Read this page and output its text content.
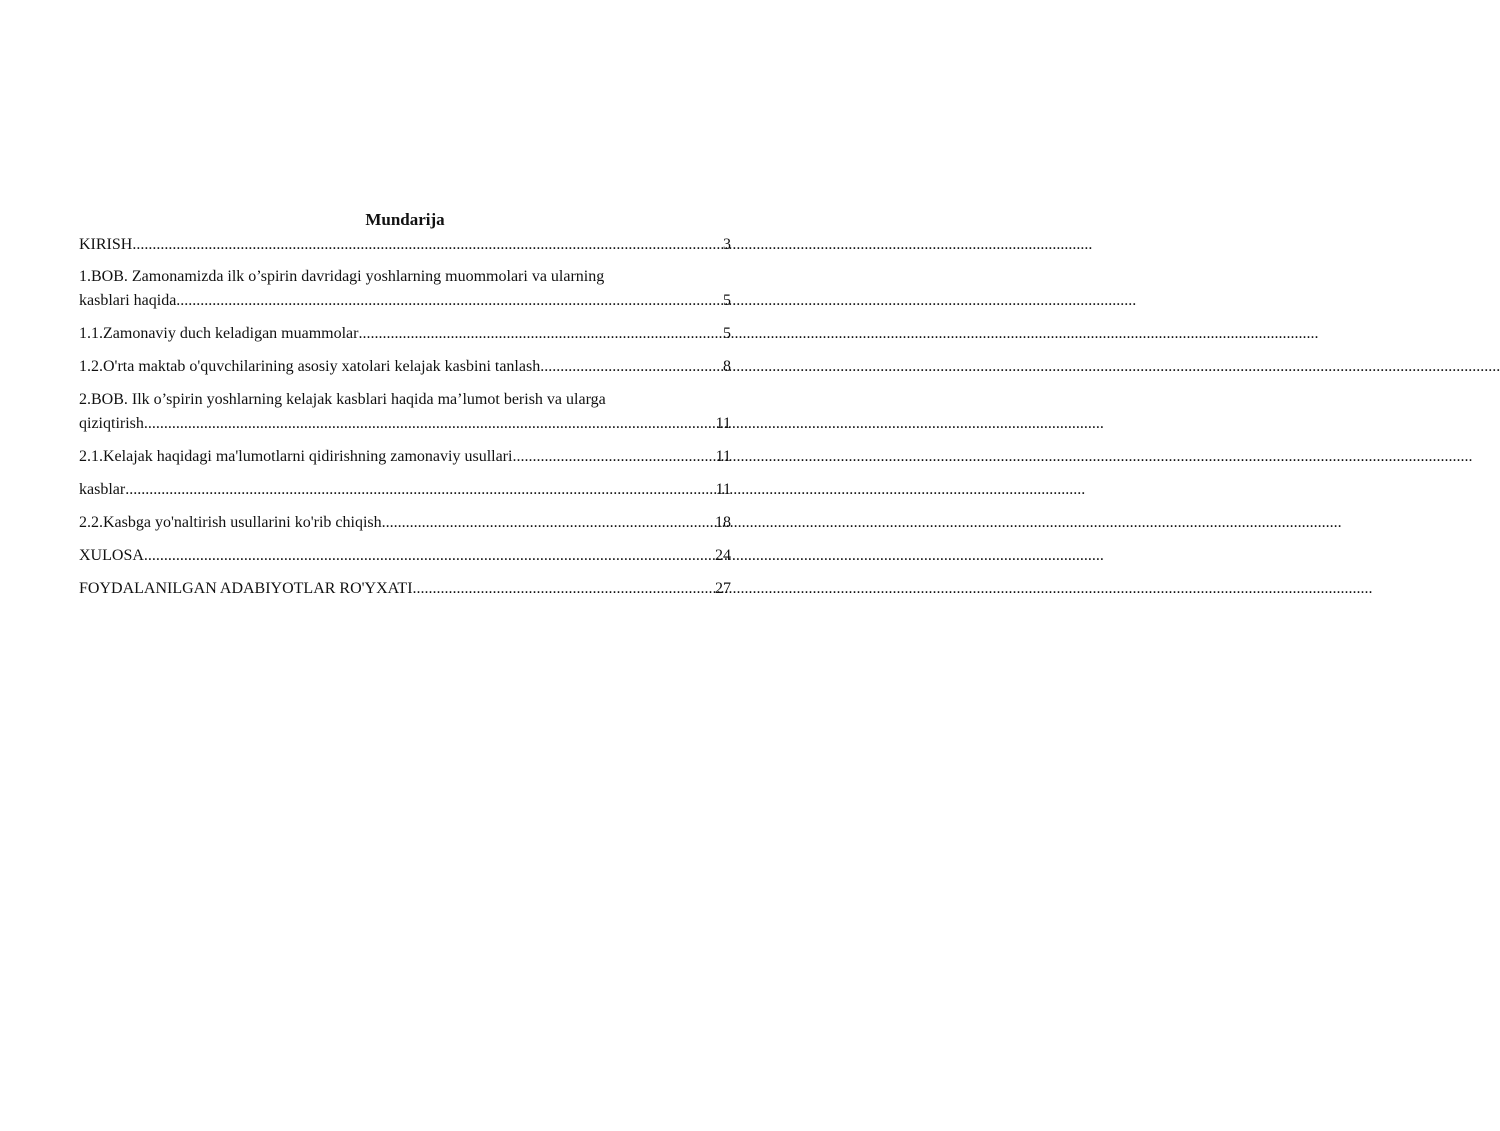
Mundarija
KIRISH .....	3
1.BOB. Zamonamizda ilk o’spirin davridagi yoshlarning muommolari va ularning
kasblari haqida .....	5
1.1.Zamonaviy duch keladigan muammolar .....	5
1.2.O'rta maktab o'quvchilarining asosiy xatolari kelajak kasbini tanlash .....	8
2.BOB. Ilk o’spirin yoshlarning kelajak kasblari haqida ma’lumot berish va ularga
qiziqtirish .....	11
2.1.Kelajak haqidagi ma'lumotlarni qidirishning zamonaviy usullari .....	11
kasblar .....	11
2.2.Kasbga yo'naltirish usullarini ko'rib chiqish .....	18
XULOSA .....	24
FOYDALANILGAN ADABIYOTLAR RO'YXATI .....	27
